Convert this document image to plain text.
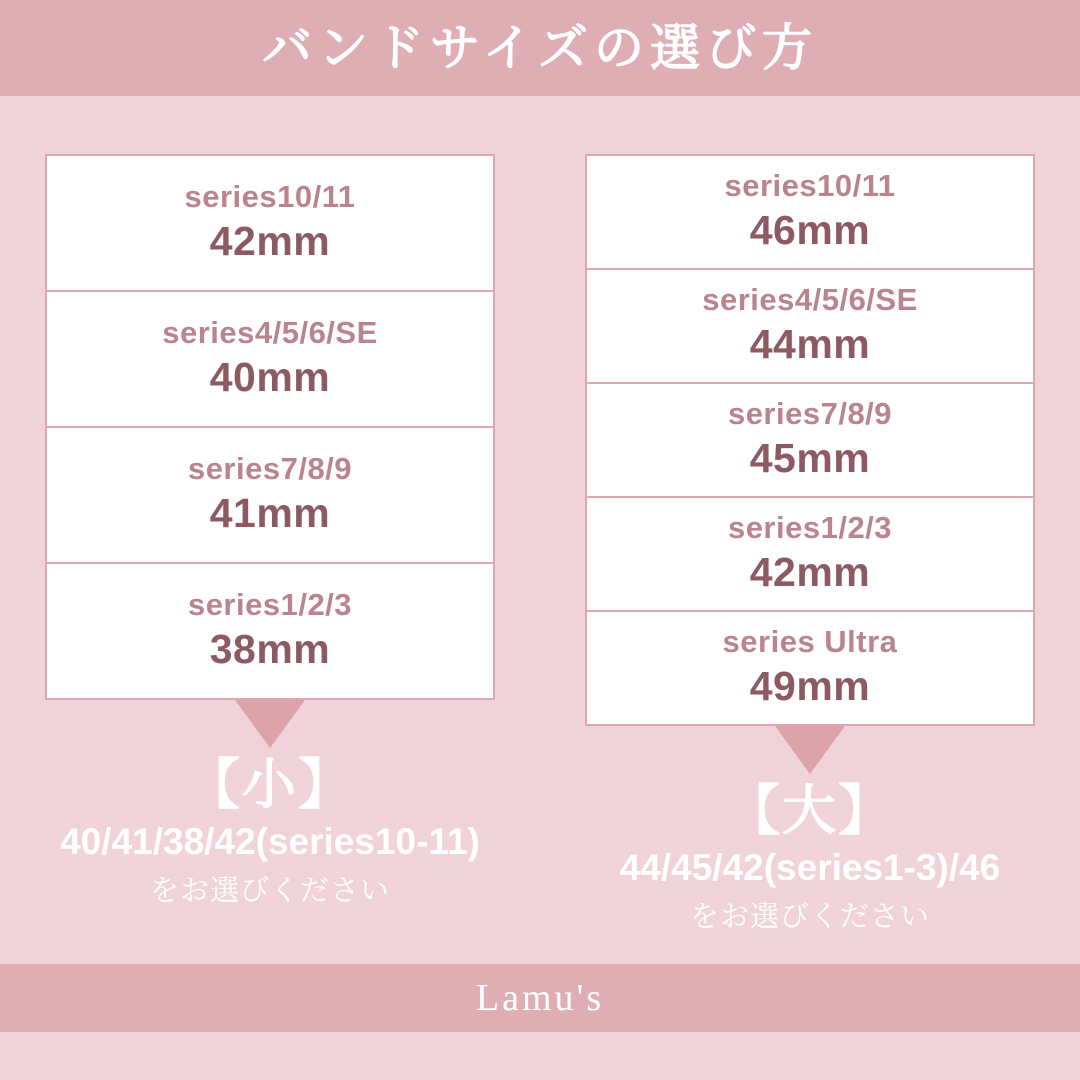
バンドサイズの選び方
series10/11
42mm
series4/5/6/SE
40mm
series7/8/9
41mm
series1/2/3
38mm
【小】
40/41/38/42(series10-11)
をお選びください
series10/11
46mm
series4/5/6/SE
44mm
series7/8/9
45mm
series1/2/3
42mm
series Ultra
49mm
【大】
44/45/42(series1-3)/46
をお選びください
Lamu's
